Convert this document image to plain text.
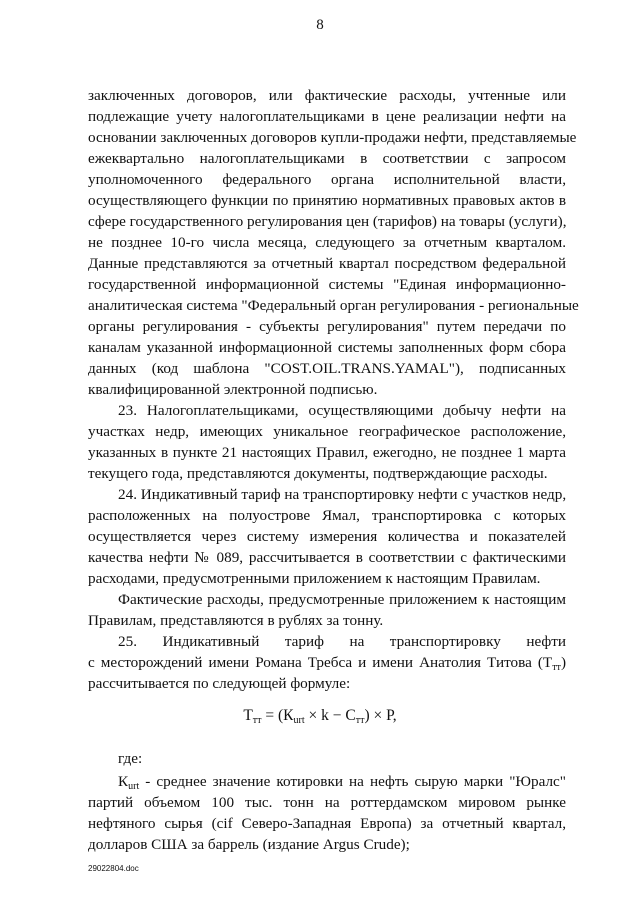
8
заключенных договоров, или фактические расходы, учтенные или
подлежащие учету налогоплательщиками в цене реализации нефти на
основании заключенных договоров купли-продажи нефти, представляемые
ежеквартально налогоплательщиками в соответствии с запросом
уполномоченного федерального органа исполнительной власти,
осуществляющего функции по принятию нормативных правовых актов в
сфере государственного регулирования цен (тарифов) на товары (услуги),
не позднее 10-го числа месяца, следующего за отчетным кварталом.
Данные представляются за отчетный квартал посредством федеральной
государственной информационной системы "Единая информационно-
аналитическая система "Федеральный орган регулирования - региональные
органы регулирования - субъекты регулирования" путем передачи по
каналам указанной информационной системы заполненных форм сбора
данных (код шаблона "COST.OIL.TRANS.YAMAL"), подписанных
квалифицированной электронной подписью.
23. Налогоплательщиками, осуществляющими добычу нефти на
участках недр, имеющих уникальное географическое расположение,
указанных в пункте 21 настоящих Правил, ежегодно, не позднее 1 марта
текущего года, представляются документы, подтверждающие расходы.
24. Индикативный тариф на транспортировку нефти с участков недр,
расположенных на полуострове Ямал, транспортировка с которых
осуществляется через систему измерения количества и показателей
качества нефти № 089, рассчитывается в соответствии с фактическими
расходами, предусмотренными приложением к настоящим Правилам.
Фактические расходы, предусмотренные приложением к настоящим
Правилам, представляются в рублях за тонну.
25. Индикативный тариф на транспортировку нефти
с месторождений имени Романа Требса и имени Анатолия Титова $(Т_{тт})$
рассчитывается по следующей формуле:
$Т_{тт} = (К_{urt} \times k - С_{тт}) \times Р$,
где:
$К_{urt}$ - среднее значение котировки на нефть сырую марки "Юралс"
партий объемом 100 тыс. тонн на роттердамском мировом рынке
нефтяного сырья (cif Северо-Западная Европа) за отчетный квартал,
долларов США за баррель (издание Argus Crude);
29022804.doc
